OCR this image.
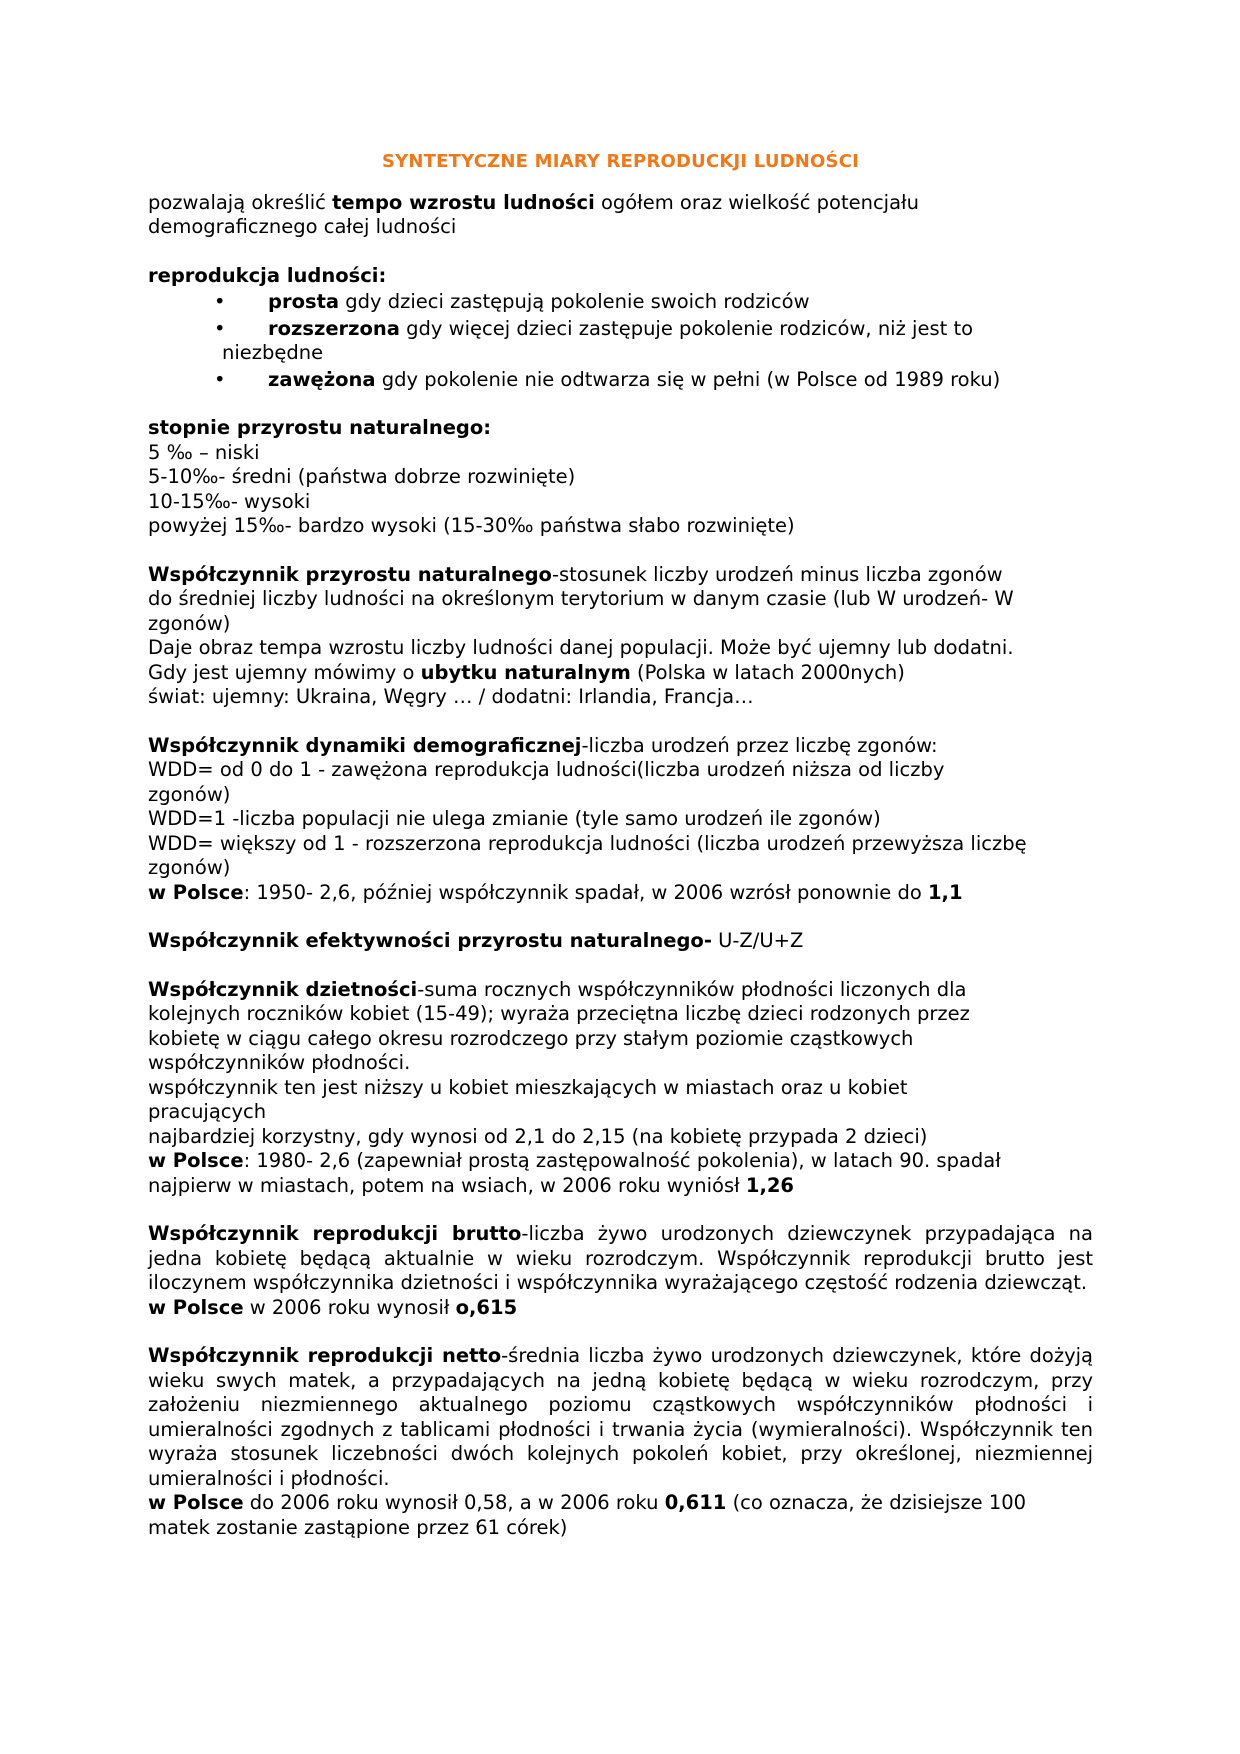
SYNTETYCZNE MIARY REPRODUCKJI LUDNOŚCI

pozwalają określić tempo wzrostu ludności ogółem oraz wielkość potencjału
demograficznego całej ludności

reprodukcja ludności:

• prosta gdy dzieci zastępują pokolenie swoich rodziców
• rozszerzona gdy więcej dzieci zastępuje pokolenie rodziców, niż jest to
niezbędne
• zawężona gdy pokolenie nie odtwarza się w pełni (w Polsce od 1989 roku)

stopnie przyrostu naturalnego:
5 ‰ – niski
5-10‰- średni (państwa dobrze rozwinięte)
10-15‰- wysoki
powyżej 15‰- bardzo wysoki (15-30‰ państwa słabo rozwinięte)

Współczynnik przyrostu naturalnego-stosunek liczby urodzeń minus liczba zgonów
do średniej liczby ludności na określonym terytorium w danym czasie (lub W urodzeń- W
zgonów)
Daje obraz tempa wzrostu liczby ludności danej populacji. Może być ujemny lub dodatni.
Gdy jest ujemny mówimy o ubytku naturalnym (Polska w latach 2000nych)
świat: ujemny: Ukraina, Węgry … / dodatni: Irlandia, Francja…

Współczynnik dynamiki demograficznej-liczba urodzeń przez liczbę zgonów:
WDD= od 0 do 1 - zawężona reprodukcja ludności(liczba urodzeń niższa od liczby
zgonów)
WDD=1 -liczba populacji nie ulega zmianie (tyle samo urodzeń ile zgonów)
WDD= większy od 1 - rozszerzona reprodukcja ludności (liczba urodzeń przewyższa liczbę
zgonów)
w Polsce: 1950- 2,6, później współczynnik spadał, w 2006 wzrósł ponownie do 1,1

Współczynnik efektywności przyrostu naturalnego- U-Z/U+Z

Współczynnik dzietności-suma rocznych współczynników płodności liczonych dla
kolejnych roczników kobiet (15-49); wyraża przeciętna liczbę dzieci rodzonych przez
kobietę w ciągu całego okresu rozrodczego przy stałym poziomie cząstkowych
współczynników płodności.
współczynnik ten jest niższy u kobiet mieszkających w miastach oraz u kobiet
pracujących
najbardziej korzystny, gdy wynosi od 2,1 do 2,15 (na kobietę przypada 2 dzieci)
w Polsce: 1980- 2,6 (zapewniał prostą zastępowalność pokolenia), w latach 90. spadał
najpierw w miastach, potem na wsiach, w 2006 roku wyniósł 1,26

Współczynnik reprodukcji brutto-liczba żywo urodzonych dziewczynek przypadająca na jedna kobietę będącą aktualnie w wieku rozrodczym. Współczynnik reprodukcji brutto jest iloczynem współczynnika dzietności i współczynnika wyrażającego częstość rodzenia dziewcząt.

w Polsce w 2006 roku wynosił o,615

Współczynnik reprodukcji netto-średnia liczba żywo urodzonych dziewczynek, które dożyją wieku swych matek, a przypadających na jedną kobietę będącą w wieku rozrodczym, przy założeniu niezmiennego aktualnego poziomu cząstkowych współczynników płodności i umieralności zgodnych z tablicami płodności i trwania życia (wymieralności). Współczynnik ten wyraża stosunek liczebności dwóch kolejnych pokoleń kobiet, przy określonej, niezmiennej umieralności i płodności.

w Polsce do 2006 roku wynosił 0,58, a w 2006 roku 0,611 (co oznacza, że dzisiejsze 100 matek zostanie zastąpione przez 61 córek)
